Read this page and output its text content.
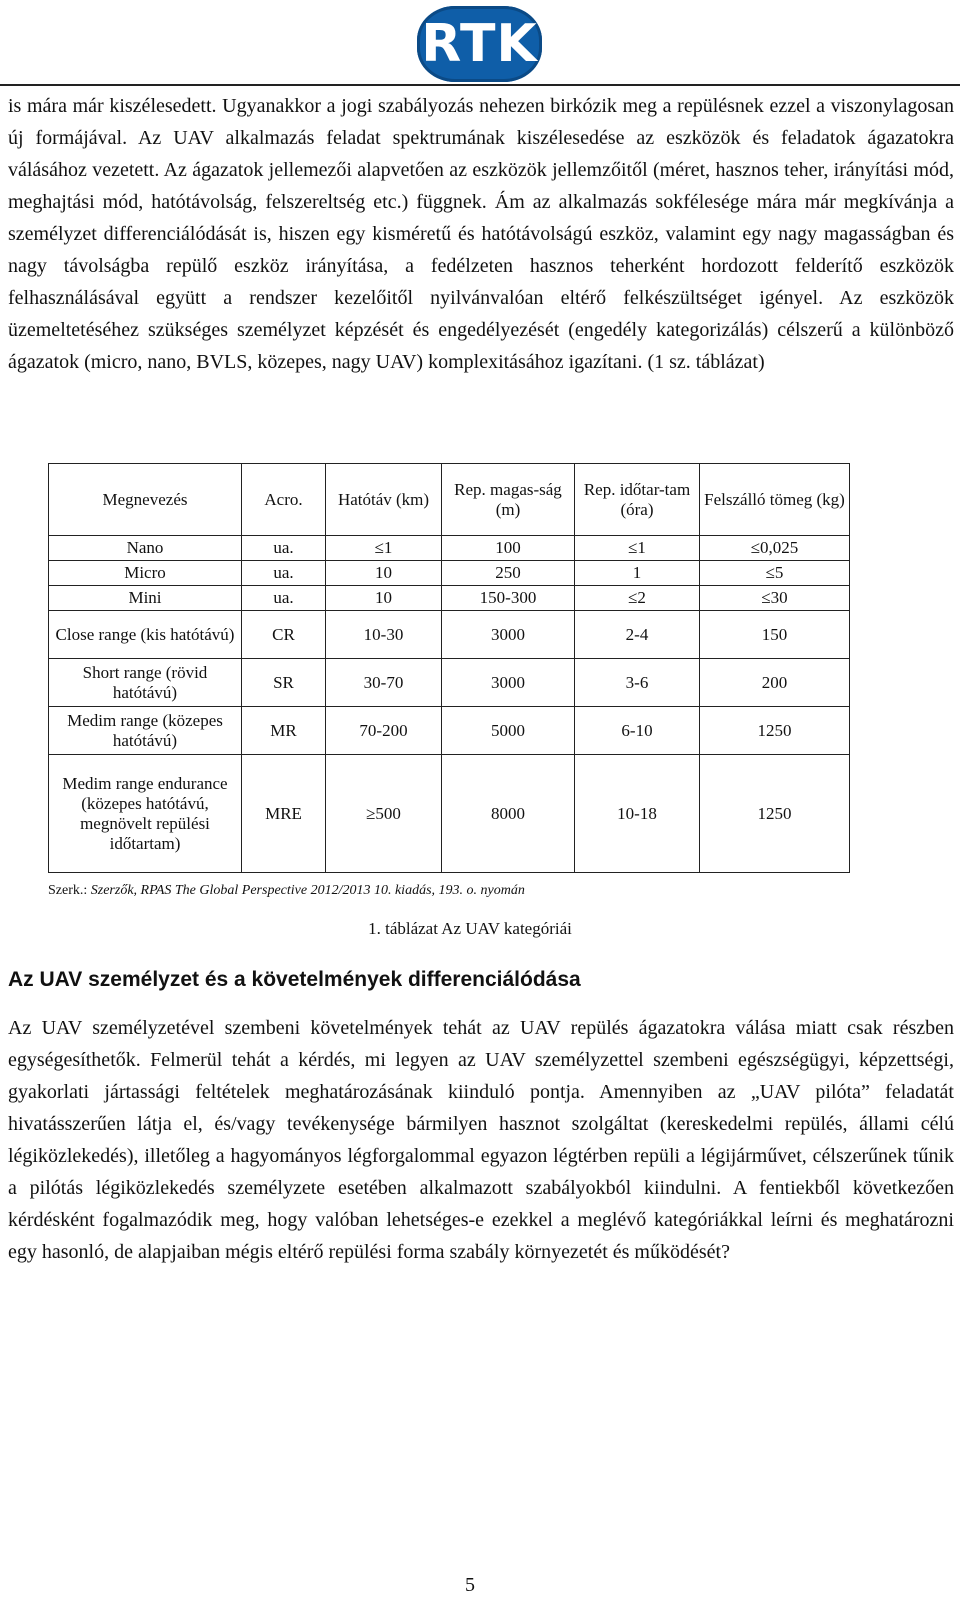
RTK
is mára már kiszélesedett. Ugyanakkor a jogi szabályozás nehezen birkózik meg a repülésnek ezzel a viszonylagosan új formájával. Az UAV alkalmazás feladat spektrumának kiszélesedése az eszközök és feladatok ágazatokra válásához vezetett. Az ágazatok jellemezői alapvetően az eszközök jellemzőitől (méret, hasznos teher, irányítási mód, meghajtási mód, hatótávolság, felszereltség etc.) függnek. Ám az alkalmazás sokfélesége mára már megkívánja a személyzet differenciálódását is, hiszen egy kisméretű és hatótávolságú eszköz, valamint egy nagy magasságban és nagy távolságba repülő eszköz irányítása, a fedélzeten hasznos teherként hordozott felderítő eszközök felhasználásával együtt a rendszer kezelőitől nyilvánvalóan eltérő felkészültséget igényel. Az eszközök üzemeltetéséhez szükséges személyzet képzését és engedélyezését (engedély kategorizálás) célszerű a különböző ágazatok (micro, nano, BVLS, közepes, nagy UAV) komplexitásához igazítani. (1 sz. táblázat)
Megnevezés	Acro.	Hatótáv (km)	Rep. magas-ság (m)	Rep. időtar-tam (óra)	Felszálló tömeg (kg)
Nano	ua.	≤1	100	≤1	≤0,025
Micro	ua.	10	250	1	≤5
Mini	ua.	10	150-300	≤2	≤30
Close range (kis hatótávú)	CR	10-30	3000	2-4	150
Short range (rövid hatótávú)	SR	30-70	3000	3-6	200
Medim range (közepes hatótávú)	MR	70-200	5000	6-10	1250
Medim range endurance (közepes hatótávú, megnövelt repülési időtartam)	MRE	≥500	8000	10-18	1250
Szerk.: Szerzők, RPAS The Global Perspective 2012/2013 10. kiadás, 193. o. nyomán
1. táblázat Az UAV kategóriái
Az UAV személyzet és a követelmények differenciálódása
Az UAV személyzetével szembeni követelmények tehát az UAV repülés ágazatokra válása miatt csak részben egységesíthetők. Felmerül tehát a kérdés, mi legyen az UAV személyzettel szembeni egészségügyi, képzettségi, gyakorlati jártassági feltételek meghatározásának kiinduló pontja. Amennyiben az „UAV pilóta” feladatát hivatásszerűen látja el, és/vagy tevékenysége bármilyen hasznot szolgáltat (kereskedelmi repülés, állami célú légiközlekedés), illetőleg a hagyományos légforgalommal egyazon légtérben repüli a légijárművet, célszerűnek tűnik a pilótás légiközlekedés személyzete esetében alkalmazott szabályokból kiindulni. A fentiekből következően kérdésként fogalmazódik meg, hogy valóban lehetséges-e ezekkel a meglévő kategóriákkal leírni és meghatározni egy hasonló, de alapjaiban mégis eltérő repülési forma szabály környezetét és működését?
5
